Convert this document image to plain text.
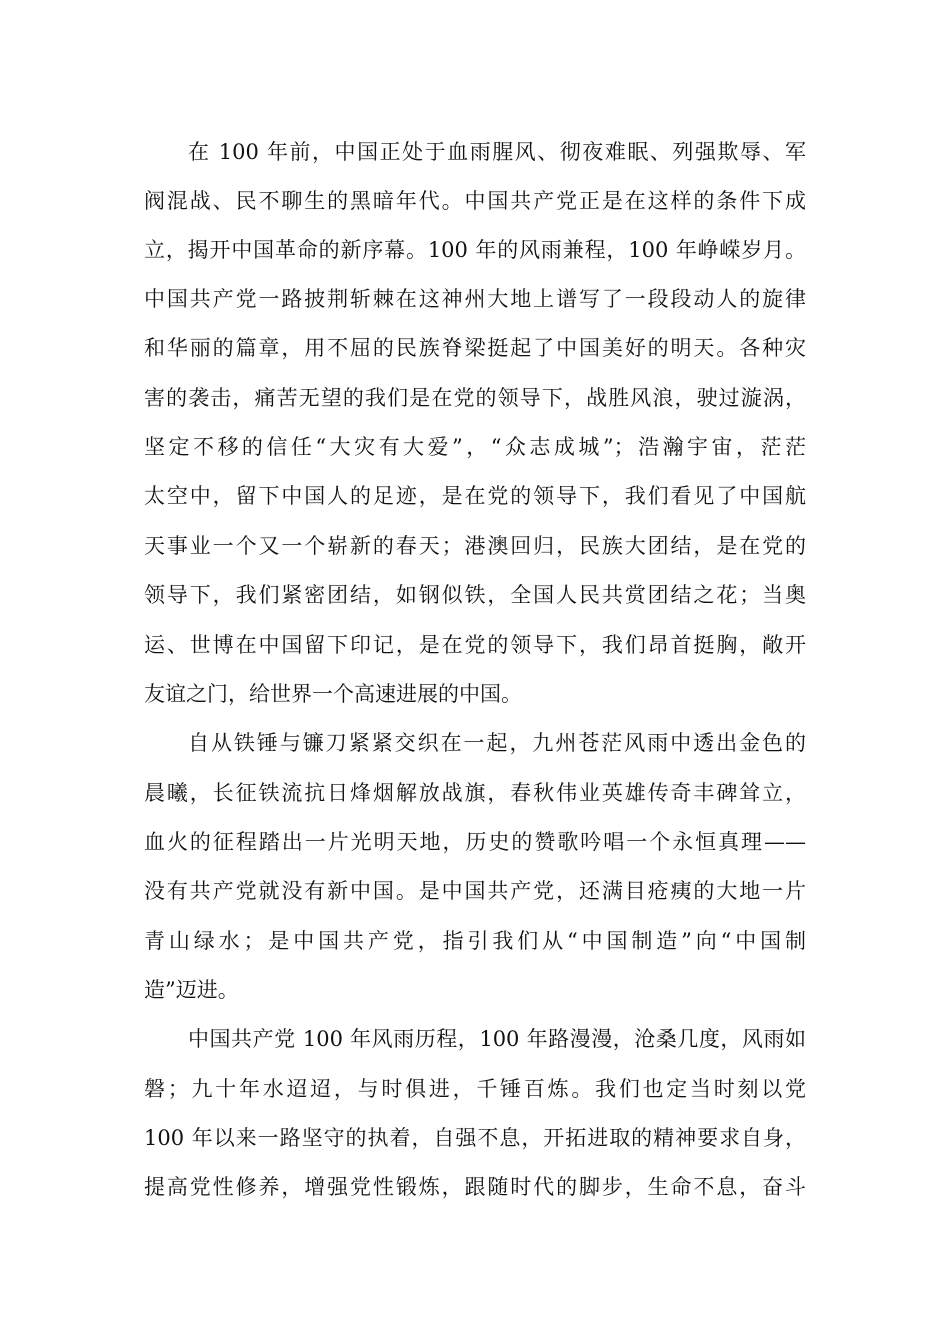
在 100 年前，中国正处于血雨腥风、彻夜难眠、列强欺辱、军
阀混战、民不聊生的黑暗年代。中国共产党正是在这样的条件下成
立，揭开中国革命的新序幕。100 年的风雨兼程，100 年峥嵘岁月。
中国共产党一路披荆斩棘在这神州大地上谱写了一段段动人的旋律
和华丽的篇章，用不屈的民族脊梁挺起了中国美好的明天。各种灾
害的袭击，痛苦无望的我们是在党的领导下，战胜风浪，驶过漩涡，
坚定不移的信任“大灾有大爱”，“众志成城”；浩瀚宇宙，茫茫
太空中，留下中国人的足迹，是在党的领导下，我们看见了中国航
天事业一个又一个崭新的春天；港澳回归，民族大团结，是在党的
领导下，我们紧密团结，如钢似铁，全国人民共赏团结之花；当奥
运、世博在中国留下印记，是在党的领导下，我们昂首挺胸，敞开
友谊之门，给世界一个高速进展的中国。
自从铁锤与镰刀紧紧交织在一起，九州苍茫风雨中透出金色的
晨曦，长征铁流抗日烽烟解放战旗，春秋伟业英雄传奇丰碑耸立，
血火的征程踏出一片光明天地，历史的赞歌吟唱一个永恒真理——
没有共产党就没有新中国。是中国共产党，还满目疮痍的大地一片
青山绿水；是中国共产党，指引我们从“中国制造”向“中国制
造”迈进。
中国共产党 100 年风雨历程，100 年路漫漫，沧桑几度，风雨如
磐；九十年水迢迢，与时俱进，千锤百炼。我们也定当时刻以党
100 年以来一路坚守的执着，自强不息，开拓进取的精神要求自身，
提高党性修养，增强党性锻炼，跟随时代的脚步，生命不息，奋斗
